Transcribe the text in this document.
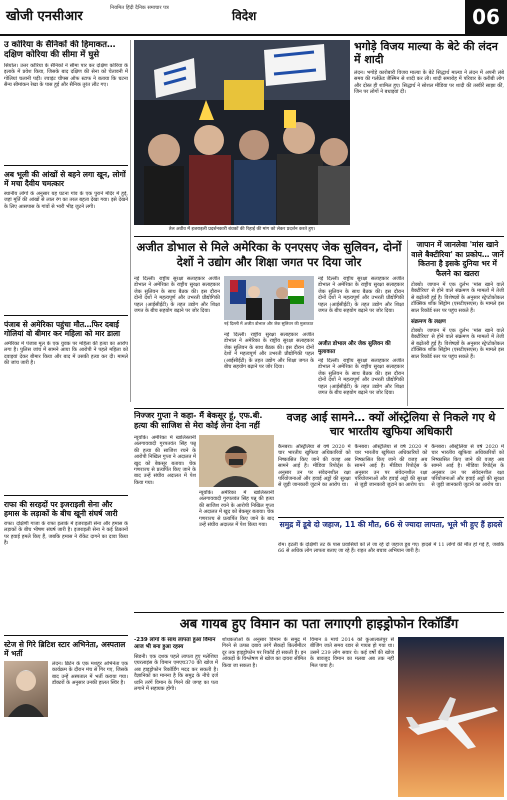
खोजी एनसीआर
नियमित हिंदी दैनिक समाचार पत्र
विदेश	06
उ कोरिया के सैनिकों की हिमाकत… दक्षिण कोरिया की सीमा में घुसे
सियोल। उत्तर कोरिया के सैनिकों ने सीमा पार कर दक्षिण कोरिया के इलाके में प्रवेश किया, जिसके बाद दक्षिण की सेना को चेतावनी में गोलियां चलानी पड़ीं। ज्वाइंट चीफ्स ऑफ स्टाफ ने बताया कि घटना सैन्य सीमांकन रेखा के पास हुई और सैनिक तुरंत लौट गए।
अब भूली की आंखों से बहने लगा खून, लोगों में मचा दैवीय चमत्कार
स्थानीय लोगों के अनुसार यह घटना गांव के एक पुराने मंदिर में हुई, जहां मूर्ति की आंखों से लाल रंग का तरल बहता देखा गया। इसे देखने के लिए आसपास के गांवों से भारी भीड़ जुटने लगी।
पंजाब से अमेरिका पहुंचा मौत…फिर दबाई गोलियां वो बीमार कर महिला को मार डाला
अमेरिका में पंजाब मूल के एक युवक पर महिला की हत्या का आरोप लगा है। पुलिस जांच में सामने आया कि आरोपी ने पहले महिला को दवाइयां देकर बीमार किया और बाद में उसकी हत्या कर दी। मामले की जांच जारी है।
राफा की सरहदों पर इजराइली सेना और हमास के लड़ाकों के बीच खूनी संघर्ष जारी
राफा। दक्षिणी गाजा के राफा इलाके में इजराइली सेना और हमास के लड़ाकों के बीच भीषण संघर्ष जारी है। इजराइली सेना ने कई ठिकानों पर हवाई हमले किए हैं, जबकि हमास ने रॉकेट दागने का दावा किया है।
स्टेज से गिरे ब्रिटिश स्टार अभिनेता, अस्पताल में भर्ती
लंदन। ब्रिटेन के एक मशहूर अभिनेता एक कार्यक्रम के दौरान मंच से गिर गए, जिसके बाद उन्हें अस्पताल में भर्ती कराया गया। डॉक्टरों के अनुसार उनकी हालत स्थिर है।
तेल अवीव में इजराइली प्रदर्शनकारी बंधकों की रिहाई की मांग को लेकर प्रदर्शन करते हुए।
भगोड़े विजय माल्या के बेटे की लंदन में शादी
लंदन। भगोड़े कारोबारी विजय माल्या के बेटे सिद्धार्थ माल्या ने लंदन में अपनी लंबे समय की गर्लफ्रेंड जैस्मिन से शादी कर ली। शादी समारोह में परिवार के करीबी लोग और दोस्त ही शामिल हुए। सिद्धार्थ ने सोशल मीडिया पर शादी की तस्वीरें साझा कीं, जिन पर लोगों ने बधाइयां दीं।
अजीत डोभाल से मिले अमेरिका के एनएसए जेक सुलिवन, दोनों देशों ने उद्योग और शिक्षा जगत पर दिया जोर
नई दिल्ली। राष्ट्रीय सुरक्षा सलाहकार अजीत डोभाल ने अमेरिका के राष्ट्रीय सुरक्षा सलाहकार जेक सुलिवन के साथ बैठक की। इस दौरान दोनों देशों ने महत्वपूर्ण और उभरती प्रौद्योगिकी पहल (आईसीईटी) के तहत उद्योग और शिक्षा जगत के बीच सहयोग बढ़ाने पर जोर दिया।
नई दिल्ली में अजीत डोभाल और जेक सुलिवन की मुलाकात
नई दिल्ली। राष्ट्रीय सुरक्षा सलाहकार अजीत डोभाल ने अमेरिका के राष्ट्रीय सुरक्षा सलाहकार जेक सुलिवन के साथ बैठक की। इस दौरान दोनों देशों ने महत्वपूर्ण और उभरती प्रौद्योगिकी पहल (आईसीईटी) के तहत उद्योग और शिक्षा जगत के बीच सहयोग बढ़ाने पर जोर दिया।
नई दिल्ली। राष्ट्रीय सुरक्षा सलाहकार अजीत डोभाल ने अमेरिका के राष्ट्रीय सुरक्षा सलाहकार जेक सुलिवन के साथ बैठक की। इस दौरान दोनों देशों ने महत्वपूर्ण और उभरती प्रौद्योगिकी पहल (आईसीईटी) के तहत उद्योग और शिक्षा जगत के बीच सहयोग बढ़ाने पर जोर दिया।
अजीत डोभाल और जेक सुलिवन की मुलाकात
नई दिल्ली। राष्ट्रीय सुरक्षा सलाहकार अजीत डोभाल ने अमेरिका के राष्ट्रीय सुरक्षा सलाहकार जेक सुलिवन के साथ बैठक की। इस दौरान दोनों देशों ने महत्वपूर्ण और उभरती प्रौद्योगिकी पहल (आईसीईटी) के तहत उद्योग और शिक्षा जगत के बीच सहयोग बढ़ाने पर जोर दिया।
जापान में जानलेवा 'मांस खाने वाले बैक्टीरिया' का प्रकोप… जानें कितना है इसके दुनिया भर में फैलने का खतरा
टोक्यो। जापान में एक दुर्लभ 'मांस खाने वाले बैक्टीरिया' से होने वाले संक्रमण के मामलों में तेजी से बढ़ोतरी हुई है। विशेषज्ञों के अनुसार स्ट्रेप्टोकोकल टॉक्सिक शॉक सिंड्रोम (एसटीएसएस) के मामले इस साल रिकॉर्ड स्तर पर पहुंच सकते हैं।
संक्रमण के लक्षण
टोक्यो। जापान में एक दुर्लभ 'मांस खाने वाले बैक्टीरिया' से होने वाले संक्रमण के मामलों में तेजी से बढ़ोतरी हुई है। विशेषज्ञों के अनुसार स्ट्रेप्टोकोकल टॉक्सिक शॉक सिंड्रोम (एसटीएसएस) के मामले इस साल रिकॉर्ड स्तर पर पहुंच सकते हैं।
निज्जर गुप्ता ने कहा- मैं बेकसूर हूं, एफ.बी. हत्या की साजिश से मेरा कोई लेना देना नहीं
न्यूयॉर्क। अमेरिका में खालिस्तानी अलगाववादी गुरपतवंत सिंह पन्नू की हत्या की साजिश रचने के आरोपी निखिल गुप्ता ने अदालत में खुद को बेकसूर बताया। चेक गणराज्य से प्रत्यर्पित किए जाने के बाद उन्हें संघीय अदालत में पेश किया गया।
न्यूयॉर्क। अमेरिका में खालिस्तानी अलगाववादी गुरपतवंत सिंह पन्नू की हत्या की साजिश रचने के आरोपी निखिल गुप्ता ने अदालत में खुद को बेकसूर बताया। चेक गणराज्य से प्रत्यर्पित किए जाने के बाद उन्हें संघीय अदालत में पेश किया गया।
वजह आई सामने… क्यों ऑस्ट्रेलिया से निकले गए थे चार भारतीय खुफिया अधिकारी
कैनबरा। ऑस्ट्रेलिया से वर्ष 2020 में चार भारतीय खुफिया अधिकारियों को निष्कासित किए जाने की वजह अब सामने आई है। मीडिया रिपोर्ट्स के अनुसार उन पर संवेदनशील रक्षा परियोजनाओं और हवाई अड्डों की सुरक्षा से जुड़ी जानकारी जुटाने का आरोप था।
कैनबरा। ऑस्ट्रेलिया से वर्ष 2020 में चार भारतीय खुफिया अधिकारियों को निष्कासित किए जाने की वजह अब सामने आई है। मीडिया रिपोर्ट्स के अनुसार उन पर संवेदनशील रक्षा परियोजनाओं और हवाई अड्डों की सुरक्षा से जुड़ी जानकारी जुटाने का आरोप था।
कैनबरा। ऑस्ट्रेलिया से वर्ष 2020 में चार भारतीय खुफिया अधिकारियों को निष्कासित किए जाने की वजह अब सामने आई है। मीडिया रिपोर्ट्स के अनुसार उन पर संवेदनशील रक्षा परियोजनाओं और हवाई अड्डों की सुरक्षा से जुड़ी जानकारी जुटाने का आरोप था।
समुद्र में डूबे दो जहाज, 11 की मौत, 66 से ज्यादा लापता, भूले भी हुए हैं हादसे
रोम। इटली के दक्षिणी तट के पास प्रवासियों को ले जा रहे दो जहाज डूब गए। हादसे में 11 लोगों की मौत हो गई है, जबकि 66 से अधिक लोग लापता बताए जा रहे हैं। राहत और बचाव अभियान जारी है।
अब गायब हुए विमान का पता लगाएगी हाइड्रोफोन रिकॉर्डिंग
-239 लोगों के साथ लापता हुआ विमान आज भी बना हुआ रहस्य
सिडनी। एक दशक पहले लापता हुए मलेशिया एयरलाइंस के विमान एमएच370 की खोज में अब हाइड्रोफोन रिकॉर्डिंग मदद कर सकती है। वैज्ञानिकों का मानना है कि समुद्र के नीचे दर्ज ध्वनि तरंगें विमान के गिरने की जगह का पता लगाने में सहायक होंगी।
शोधकर्ताओं के अनुसार विमान के समुद्र में गिरने से उत्पन्न दबाव तरंगें सैकड़ों किलोमीटर दूर तक हाइड्रोफोन पर रिकॉर्ड हो सकती हैं। इन आंकड़ों के विश्लेषण से खोज का दायरा सीमित किया जा सकता है।
विमान 8 मार्च 2014 को कुआलालंपुर से बीजिंग जाते समय रडार से गायब हो गया था। उसमें 239 लोग सवार थे। कई वर्षों की खोज के बावजूद विमान का मलबा अब तक नहीं मिल पाया है।
